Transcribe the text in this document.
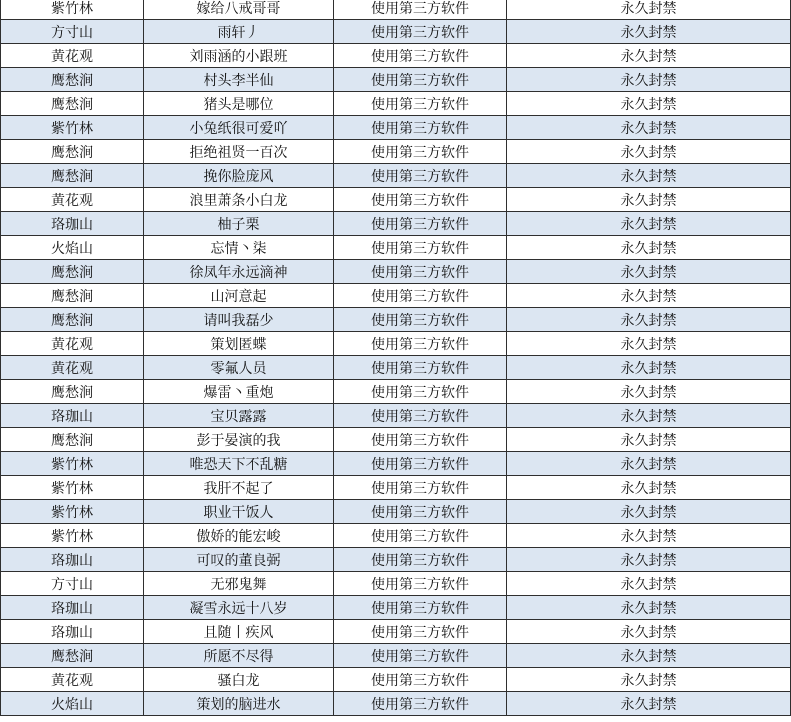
紫竹林	嫁给八戒哥哥	使用第三方软件	永久封禁
方寸山	雨轩丿	使用第三方软件	永久封禁
黄花观	刘雨涵的小跟班	使用第三方软件	永久封禁
鹰愁涧	村头李半仙	使用第三方软件	永久封禁
鹰愁涧	猪头是哪位	使用第三方软件	永久封禁
紫竹林	小兔纸很可爱吖	使用第三方软件	永久封禁
鹰愁涧	拒绝祖贤一百次	使用第三方软件	永久封禁
鹰愁涧	挽你脸庞风	使用第三方软件	永久封禁
黄花观	浪里萧条小白龙	使用第三方软件	永久封禁
珞珈山	柚子栗	使用第三方软件	永久封禁
火焰山	忘情丶柒	使用第三方软件	永久封禁
鹰愁涧	徐凤年永远滴神	使用第三方软件	永久封禁
鹰愁涧	山河意起	使用第三方软件	永久封禁
鹰愁涧	请叫我磊少	使用第三方软件	永久封禁
黄花观	策划匿蝶	使用第三方软件	永久封禁
黄花观	零氟人员	使用第三方软件	永久封禁
鹰愁涧	爆雷丶重炮	使用第三方软件	永久封禁
珞珈山	宝贝露露	使用第三方软件	永久封禁
鹰愁涧	彭于晏演的我	使用第三方软件	永久封禁
紫竹林	唯恐天下不乱糖	使用第三方软件	永久封禁
紫竹林	我肝不起了	使用第三方软件	永久封禁
紫竹林	职业干饭人	使用第三方软件	永久封禁
紫竹林	傲娇的能宏峻	使用第三方软件	永久封禁
珞珈山	可叹的董良弼	使用第三方软件	永久封禁
方寸山	无邪鬼舞	使用第三方软件	永久封禁
珞珈山	凝雪永远十八岁	使用第三方软件	永久封禁
珞珈山	且随丨疾风	使用第三方软件	永久封禁
鹰愁涧	所愿不尽得	使用第三方软件	永久封禁
黄花观	骚白龙	使用第三方软件	永久封禁
火焰山	策划的脑进水	使用第三方软件	永久封禁
